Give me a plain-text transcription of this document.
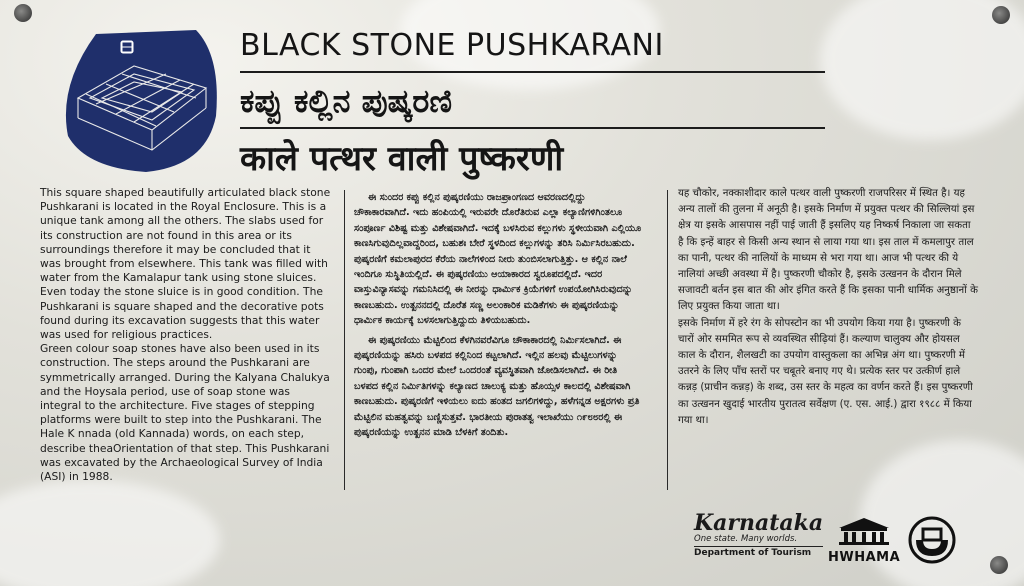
BLACK STONE PUSHKARANI
ಕಪ್ಪು ಕಲ್ಲಿನ ಪುಷ್ಕರಣಿ
काले पत्थर वाली पुष्करणी

This square shaped beautifully articulated black stone Pushkarani is located in the Royal Enclosure. This is a unique tank among all the others. The slabs used for its construction are not found in this area or its surroundings therefore it may be concluded that it was brought from elsewhere. This tank was filled with water from the Kamalapur tank using stone sluices. Even today the stone sluice is in good condition. The Pushkarani is square shaped and the decorative pots found during its excavation suggests that this water was used for religious practices.

Green colour soap stones have also been used in its construction. The steps around the Pushkarani are symmetrically arranged. During the Kalyana Chalukya and the Hoysala period, use of soap stone was integral to the architecture. Five stages of stepping platforms were built to step into the Pushkarani. The Hale K nnada (old Kannada) words, on each step, describe theaOrientation of that step. This Pushkarani was excavated by the Archaeological Survey of India (ASI) in 1988.

ಈ ಸುಂದರ ಕಪ್ಪು ಕಲ್ಲಿನ ಪುಷ್ಕರಣಿಯು ರಾಜಪ್ರಾಂಗಣದ ಆವರಣದಲ್ಲಿದ್ದು ಚೌಕಾಕಾರವಾಗಿದೆ. ಇದು ಹಂಪಿಯಲ್ಲಿ ಇರುವರೇ ದೊರೆತಿರುವ ಎಲ್ಲಾ ಕಲ್ಯಾಣಿಗಳಿಗಿಂತಲೂ ಸಂಪೂರ್ಣ ವಿಶಿಷ್ಟ ಮತ್ತು ವಿಶೇಷವಾಗಿದೆ. ಇದಕ್ಕೆ ಬಳಸಿರುವ ಕಲ್ಲುಗಳು ಸ್ಥಳೀಯವಾಗಿ ಎಲ್ಲಿಯೂ ಕಾಣಸಿಗುವುದಿಲ್ಲವಾದ್ದರಿಂದ, ಬಹುಶಃ ಬೇರೆ ಸ್ಥಳದಿಂದ ಕಲ್ಲುಗಳನ್ನು ತರಿಸಿ ನಿರ್ಮಿಸಿರಬಹುದು. ಪುಷ್ಕರಣಿಗೆ ಕಮಲಾಪುರದ ಕೆರೆಯ ನಾಲೆಗಳಿಂದ ನೀರು ತುಂಬಿಸಲಾಗುತ್ತಿತ್ತು. ಆ ಕಲ್ಲಿನ ನಾಲೆ ಇಂದಿಗೂ ಸುಸ್ಥಿತಿಯಲ್ಲಿದೆ. ಈ ಪುಷ್ಕರಣಿಯು ಆಯಾಕಾರದ ಸ್ವರೂಪದಲ್ಲಿದೆ. ಇದರ ವಾಸ್ತುವಿನ್ಯಾಸವನ್ನು ಗಮನಿಸಿದಲ್ಲಿ ಈ ನೀರನ್ನು ಧಾರ್ಮಿಕ ಕ್ರಿಯೆಗಳಿಗೆ ಉಪಯೋಗಿಸಿರುವುದನ್ನು ಕಾಣಬಹುದು. ಉತ್ಖನನದಲ್ಲಿ ದೊರೆತ ಸಣ್ಣ ಅಲಂಕಾರಿಕ ಮಡಿಕೆಗಳು ಈ ಪುಷ್ಕರಣಿಯನ್ನು ಧಾರ್ಮಿಕ ಕಾರ್ಯಕ್ಕೆ ಬಳಸಲಾಗುತ್ತಿದ್ದುದು ತಿಳಿಯಬಹುದು.

ಈ ಪುಷ್ಕರಣಿಯು ಮೆಟ್ಟಿಲಿಂದ ಕೆಳಗಿನವರೆವಿಗೂ ಚೌಕಾಕಾರದಲ್ಲಿ ನಿರ್ಮಿಸಲಾಗಿದೆ. ಈ ಪುಷ್ಕರಣಿಯನ್ನು ಹಸಿರು ಬಳಪದ ಕಲ್ಲಿನಿಂದ ಕಟ್ಟಲಾಗಿದೆ. ಇಲ್ಲಿನ ಹಲವು ಮೆಟ್ಟಿಲುಗಳನ್ನು ಗುಂಪು, ಗುಂಪಾಗಿ ಒಂದರ ಮೇಲೆ ಒಂದರಂತೆ ವ್ಯವಸ್ಥಿತವಾಗಿ ಜೋಡಿಸಲಾಗಿದೆ. ಈ ರೀತಿ ಬಳಪದ ಕಲ್ಲಿನ ನಿರ್ಮಿತಿಗಳನ್ನು ಕಲ್ಯಾಣದ ಚಾಲುಕ್ಯ ಮತ್ತು ಹೊಯ್ಸಳ ಕಾಲದಲ್ಲಿ ವಿಶೇಷವಾಗಿ ಕಾಣಬಹುದು. ಪುಷ್ಕರಣಿಗೆ ಇಳಿಯಲು ಐದು ಹಂತದ ಜಗಲಿಗಳಿದ್ದು, ಹಳೆಗನ್ನಡ ಅಕ್ಷರಗಳು ಪ್ರತಿ ಮೆಟ್ಟಿಲಿನ ಮಹತ್ವವನ್ನು ಬಣ್ಣಿಸುತ್ತವೆ. ಭಾರತೀಯ ಪುರಾತತ್ವ ಇಲಾಖೆಯು ೧೯೮೮ರಲ್ಲಿ ಈ ಪುಷ್ಕರಣಿಯನ್ನು ಉತ್ಖನನ ಮಾಡಿ ಬೆಳಕಿಗೆ ತಂದಿತು.

यह चौकोर, नक्काशीदार काले पत्थर वाली पुष्करणी राजपरिसर में स्थित है। यह अन्य तालों की तुलना में अनूठी है। इसके निर्माण में प्रयुक्त पत्थर की सिल्लियां इस क्षेत्र या इसके आसपास नहीं पाई जाती हैं इसलिए यह निष्कर्ष निकाला जा सकता है कि इन्हें बाहर से किसी अन्य स्थान से लाया गया था। इस ताल में कमलापुर ताल का पानी, पत्थर की नालियों के माध्यम से भरा गया था। आज भी पत्थर की ये नालियां अच्छी अवस्था में है। पुष्करणी चौकोर है, इसके उत्खनन के दौरान मिले सजावटी बर्तन इस बात की ओर इंगित करते हैं कि इसका पानी धार्मिक अनुष्ठानों के लिए प्रयुक्त किया जाता था।

इसके निर्माण में हरे रंग के सोपस्टोन का भी उपयोग किया गया है। पुष्करणी के चारों ओर सममित रूप से व्यवस्थित सीढ़ियां हैं। कल्याण चालुक्य और होयसल काल के दौरान, शैलखटी का उपयोग वास्तुकला का अभिन्न अंग था। पुष्करणी में उतरने के लिए पाँच स्तरों पर चबूतरे बनाए गए थे। प्रत्येक स्तर पर उत्कीर्ण हाले कन्नड़ (प्राचीन कन्नड़) के शब्द, उस स्तर के महत्व का वर्णन करते हैं। इस पुष्करणी का उत्खनन खुदाई भारतीय पुरातत्व सर्वेक्षण (ए. एस. आई.) द्वारा १९८८ में किया गया था।

Karnataka
One state. Many worlds.
Department of Tourism	HWHAMA
